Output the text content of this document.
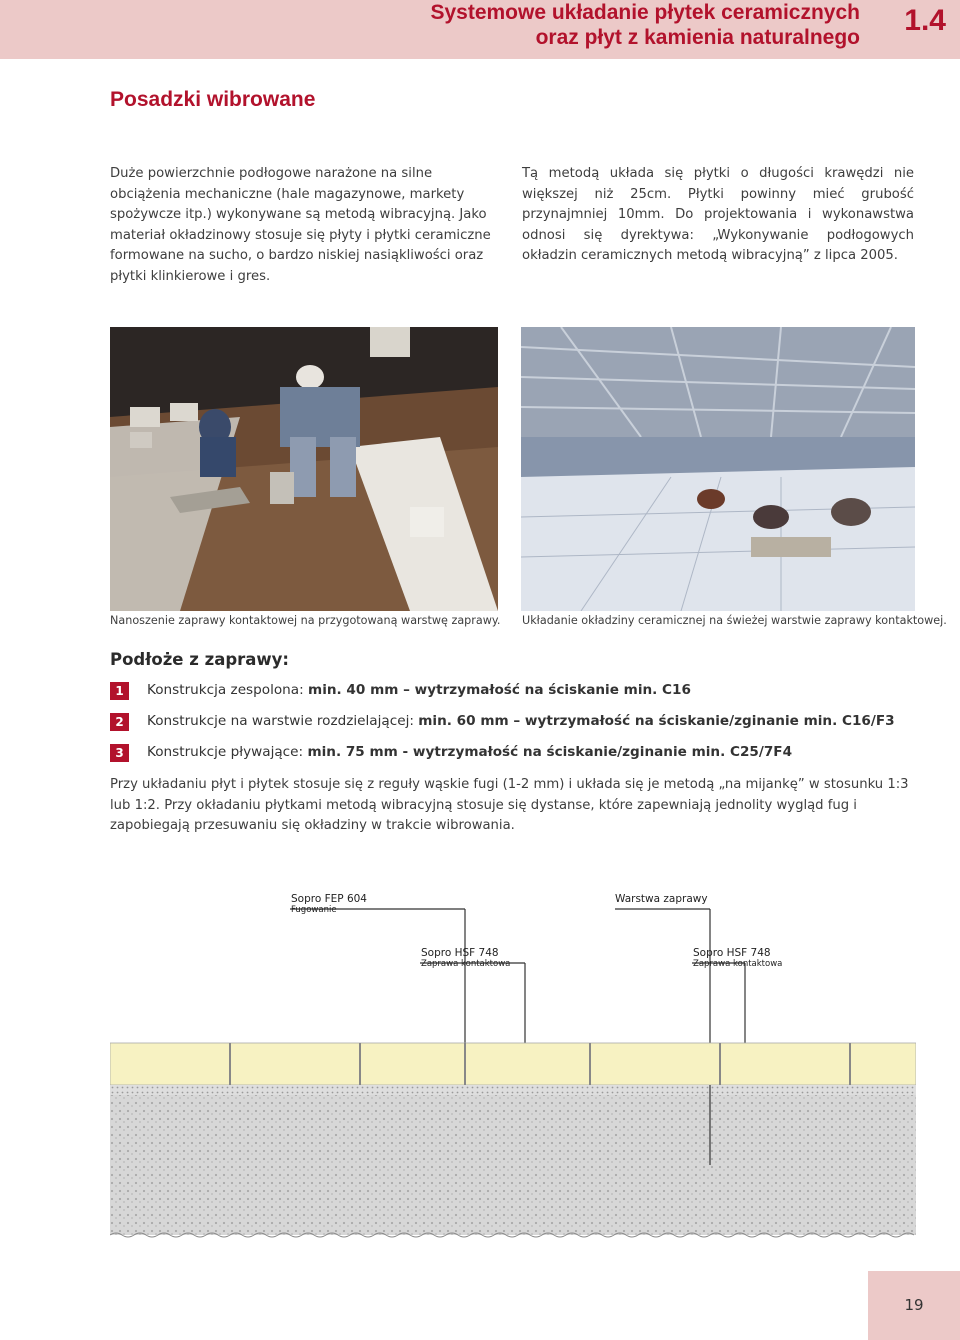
Systemowe układanie płytek ceramicznych
oraz płyt z kamienia naturalnego
1.4
Posadzki wibrowane

Duże powierzchnie podłogowe narażone na silne obciążenia mechaniczne (hale magazynowe, markety spożywcze itp.) wykonywane są metodą wibracyjną. Jako materiał okładzinowy stosuje się płyty i płytki ceramiczne formowane na sucho, o bardzo niskiej nasiąkliwości oraz płytki klinkierowe i gres.

Tą metodą układa się płytki o długości krawędzi nie większej niż 25cm. Płytki powinny mieć grubość przynajmniej 10mm. Do projektowania i wykonawstwa odnosi się dyrektywa: „Wykonywanie podłogowych okładzin ceramicznych metodą wibracyjną” z lipca 2005.

Nanoszenie zaprawy kontaktowej na przygotowaną warstwę zaprawy. Układanie okładziny ceramicznej na świeżej warstwie zaprawy kontaktowej.
Podłoże z zaprawy:
1	Konstrukcja zespolona: min. 40 mm – wytrzymałość na ściskanie min. C16
2	Konstrukcje na warstwie rozdzielającej: min. 60 mm – wytrzymałość na ściskanie/zginanie min. C16/F3
3	Konstrukcje pływające: min. 75 mm - wytrzymałość na ściskanie/zginanie min. C25/7F4

Przy układaniu płyt i płytek stosuje się z reguły wąskie fugi (1-2 mm) i układa się je metodą „na mijankę” w stosunku 1:3 lub 1:2. Przy okładaniu płytkami metodą wibracyjną stosuje się dystanse, które zapewniają jednolity wygląd fug i zapobiegają przesuwaniu się okładziny w trakcie wibrowania.

Sopro FEP 604
Fugowanie
Warstwa zaprawy
Sopro HSF 748
Zaprawa kontaktowa
Sopro HSF 748
Zaprawa kontaktowa
19
